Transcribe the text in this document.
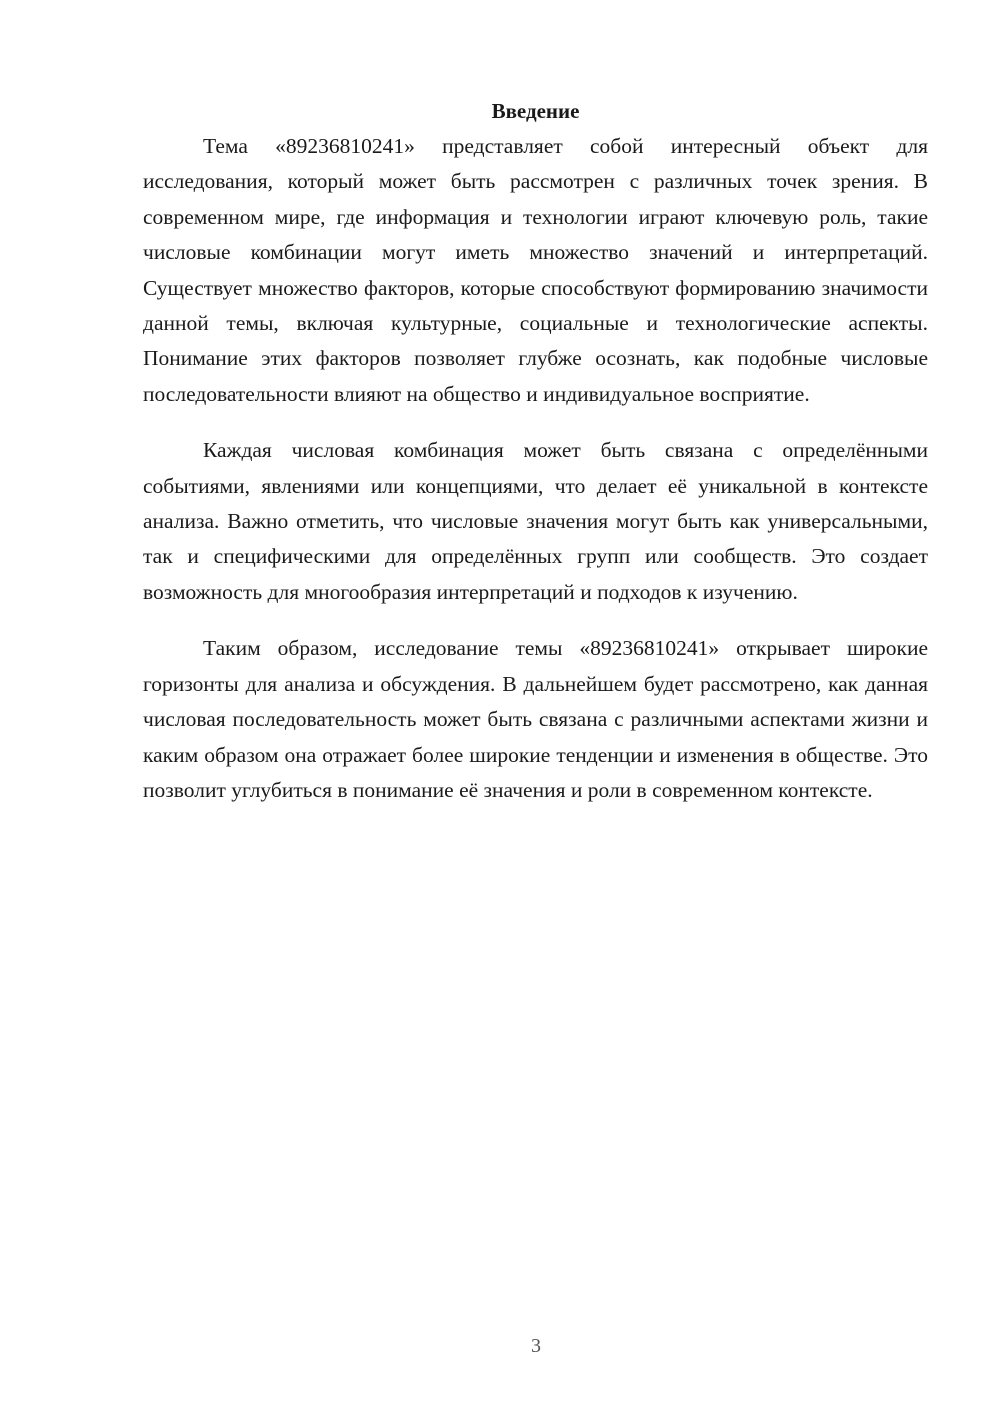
Введение

Тема «89236810241» представляет собой интересный объект для исследования, который может быть рассмотрен с различных точек зрения. В современном мире, где информация и технологии играют ключевую роль, такие числовые комбинации могут иметь множество значений и интерпретаций. Существует множество факторов, которые способствуют формированию значимости данной темы, включая культурные, социальные и технологические аспекты. Понимание этих факторов позволяет глубже осознать, как подобные числовые последовательности влияют на общество и индивидуальное восприятие.

Каждая числовая комбинация может быть связана с определёнными событиями, явлениями или концепциями, что делает её уникальной в контексте анализа. Важно отметить, что числовые значения могут быть как универсальными, так и специфическими для определённых групп или сообществ. Это создает возможность для многообразия интерпретаций и подходов к изучению.

Таким образом, исследование темы «89236810241» открывает широкие горизонты для анализа и обсуждения. В дальнейшем будет рассмотрено, как данная числовая последовательность может быть связана с различными аспектами жизни и каким образом она отражает более широкие тенденции и изменения в обществе. Это позволит углубиться в понимание её значения и роли в современном контексте.

3
